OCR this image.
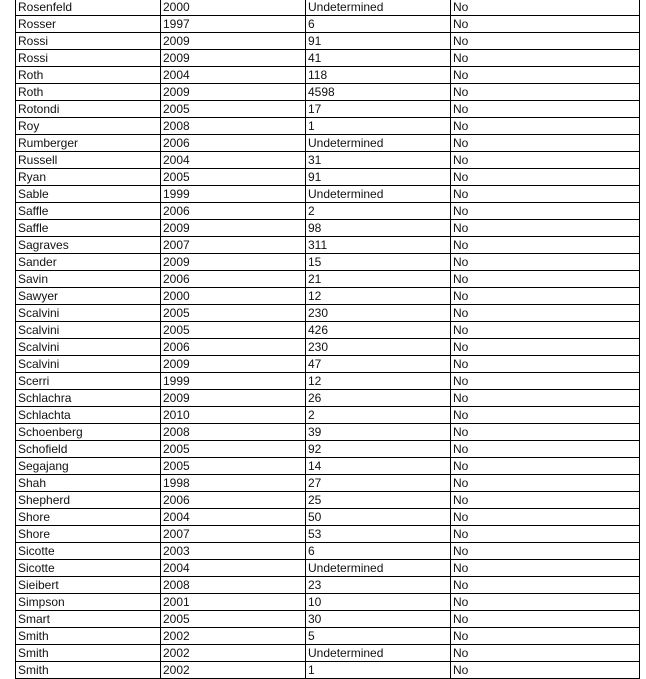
Rosenfeld	2000	Undetermined	No
Rosser	1997	6	No
Rossi	2009	91	No
Rossi	2009	41	No
Roth	2004	118	No
Roth	2009	4598	No
Rotondi	2005	17	No
Roy	2008	1	No
Rumberger	2006	Undetermined	No
Russell	2004	31	No
Ryan	2005	91	No
Sable	1999	Undetermined	No
Saffle	2006	2	No
Saffle	2009	98	No
Sagraves	2007	311	No
Sander	2009	15	No
Savin	2006	21	No
Sawyer	2000	12	No
Scalvini	2005	230	No
Scalvini	2005	426	No
Scalvini	2006	230	No
Scalvini	2009	47	No
Scerri	1999	12	No
Schlachra	2009	26	No
Schlachta	2010	2	No
Schoenberg	2008	39	No
Schofield	2005	92	No
Segajang	2005	14	No
Shah	1998	27	No
Shepherd	2006	25	No
Shore	2004	50	No
Shore	2007	53	No
Sicotte	2003	6	No
Sicotte	2004	Undetermined	No
Sieibert	2008	23	No
Simpson	2001	10	No
Smart	2005	30	No
Smith	2002	5	No
Smith	2002	Undetermined	No
Smith	2002	1	No
